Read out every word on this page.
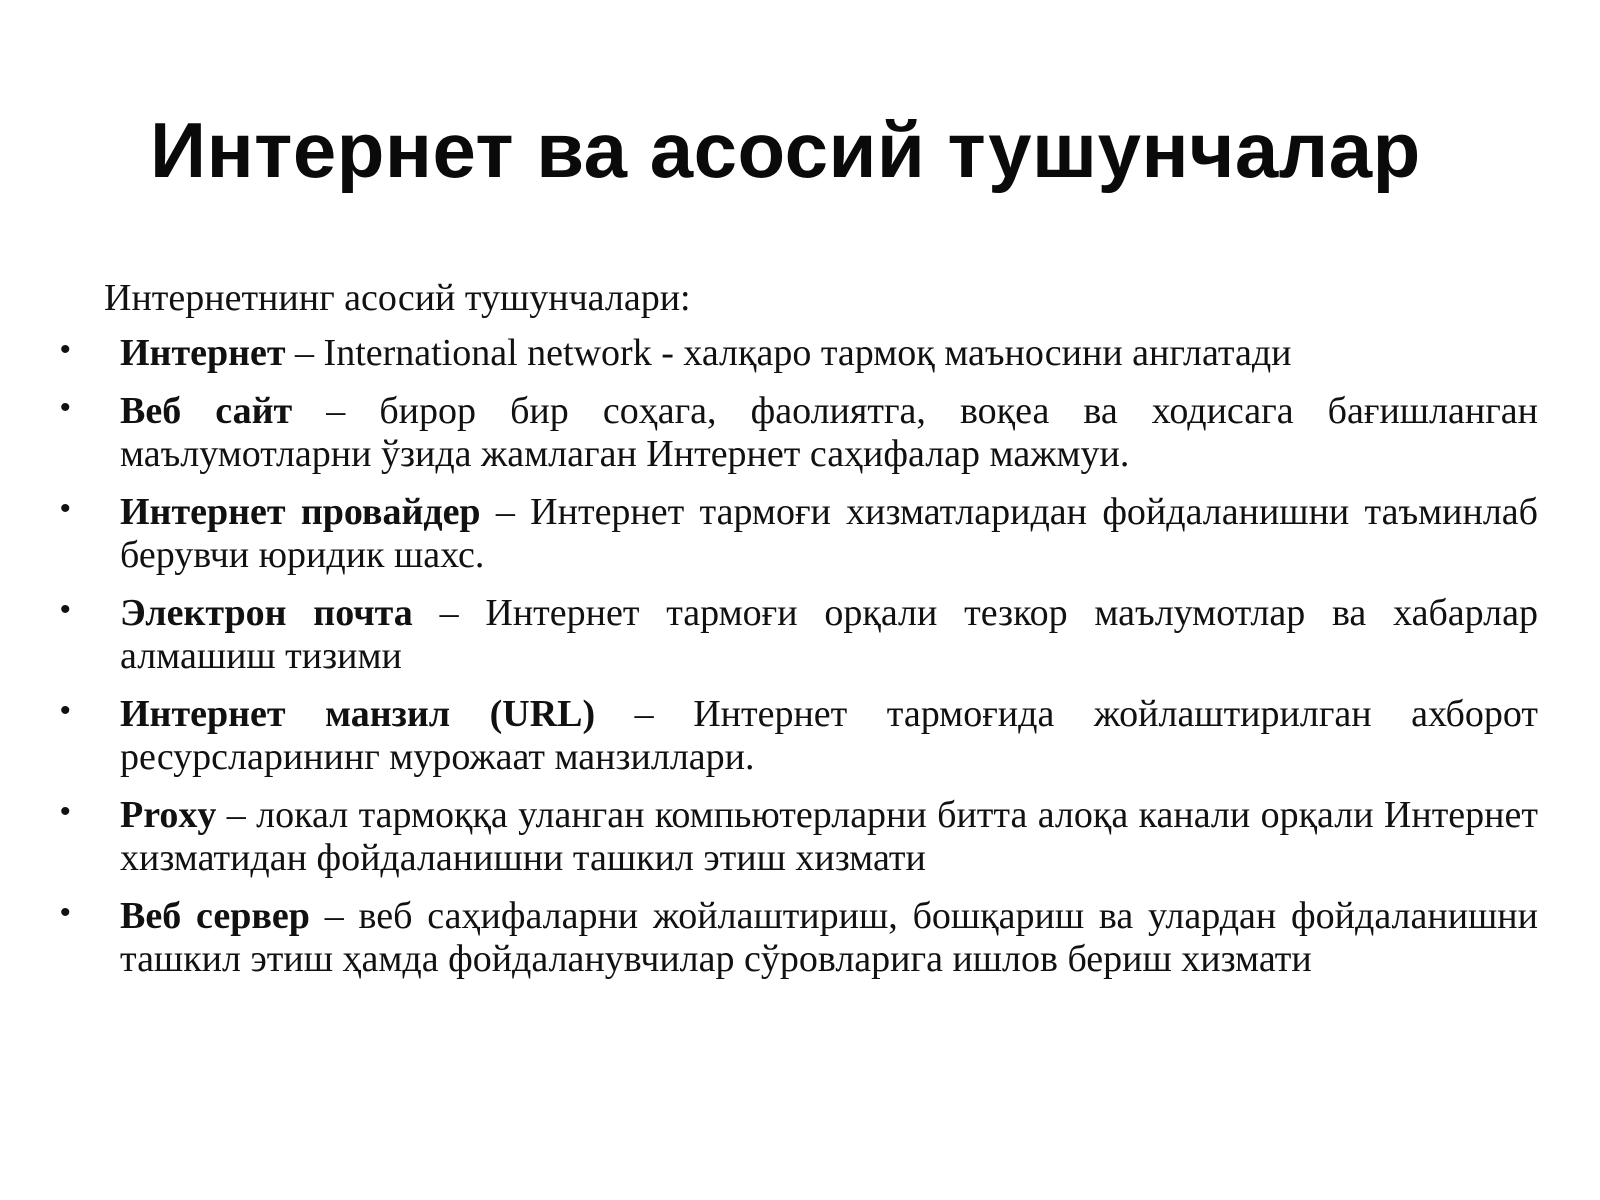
Интернет ва асосий тушунчалар
Интернетнинг асосий тушунчалари:
• Интернет – International network - халқаро тармоқ маъносини англатади
• Веб сайт – бирор бир соҳага, фаолиятга, воқеа ва ходисага бағишланган маълумотларни ўзида жамлаган Интернет саҳифалар мажмуи.
• Интернет провайдер – Интернет тармоғи хизматларидан фойдаланишни таъминлаб берувчи юридик шахс.
• Электрон почта – Интернет тармоғи орқали тезкор маълумотлар ва хабарлар алмашиш тизими
• Интернет манзил (URL) – Интернет тармоғида жойлаштирилган ахборот ресурсларининг мурожаат манзиллари.
• Proxy – локал тармоққа уланган компьютерларни битта алоқа канали орқали Интернет хизматидан фойдаланишни ташкил этиш хизмати
• Веб сервер – веб саҳифаларни жойлаштириш, бошқариш ва улардан фойдаланишни ташкил этиш ҳамда фойдаланувчилар сўровларига ишлов бериш хизмати
